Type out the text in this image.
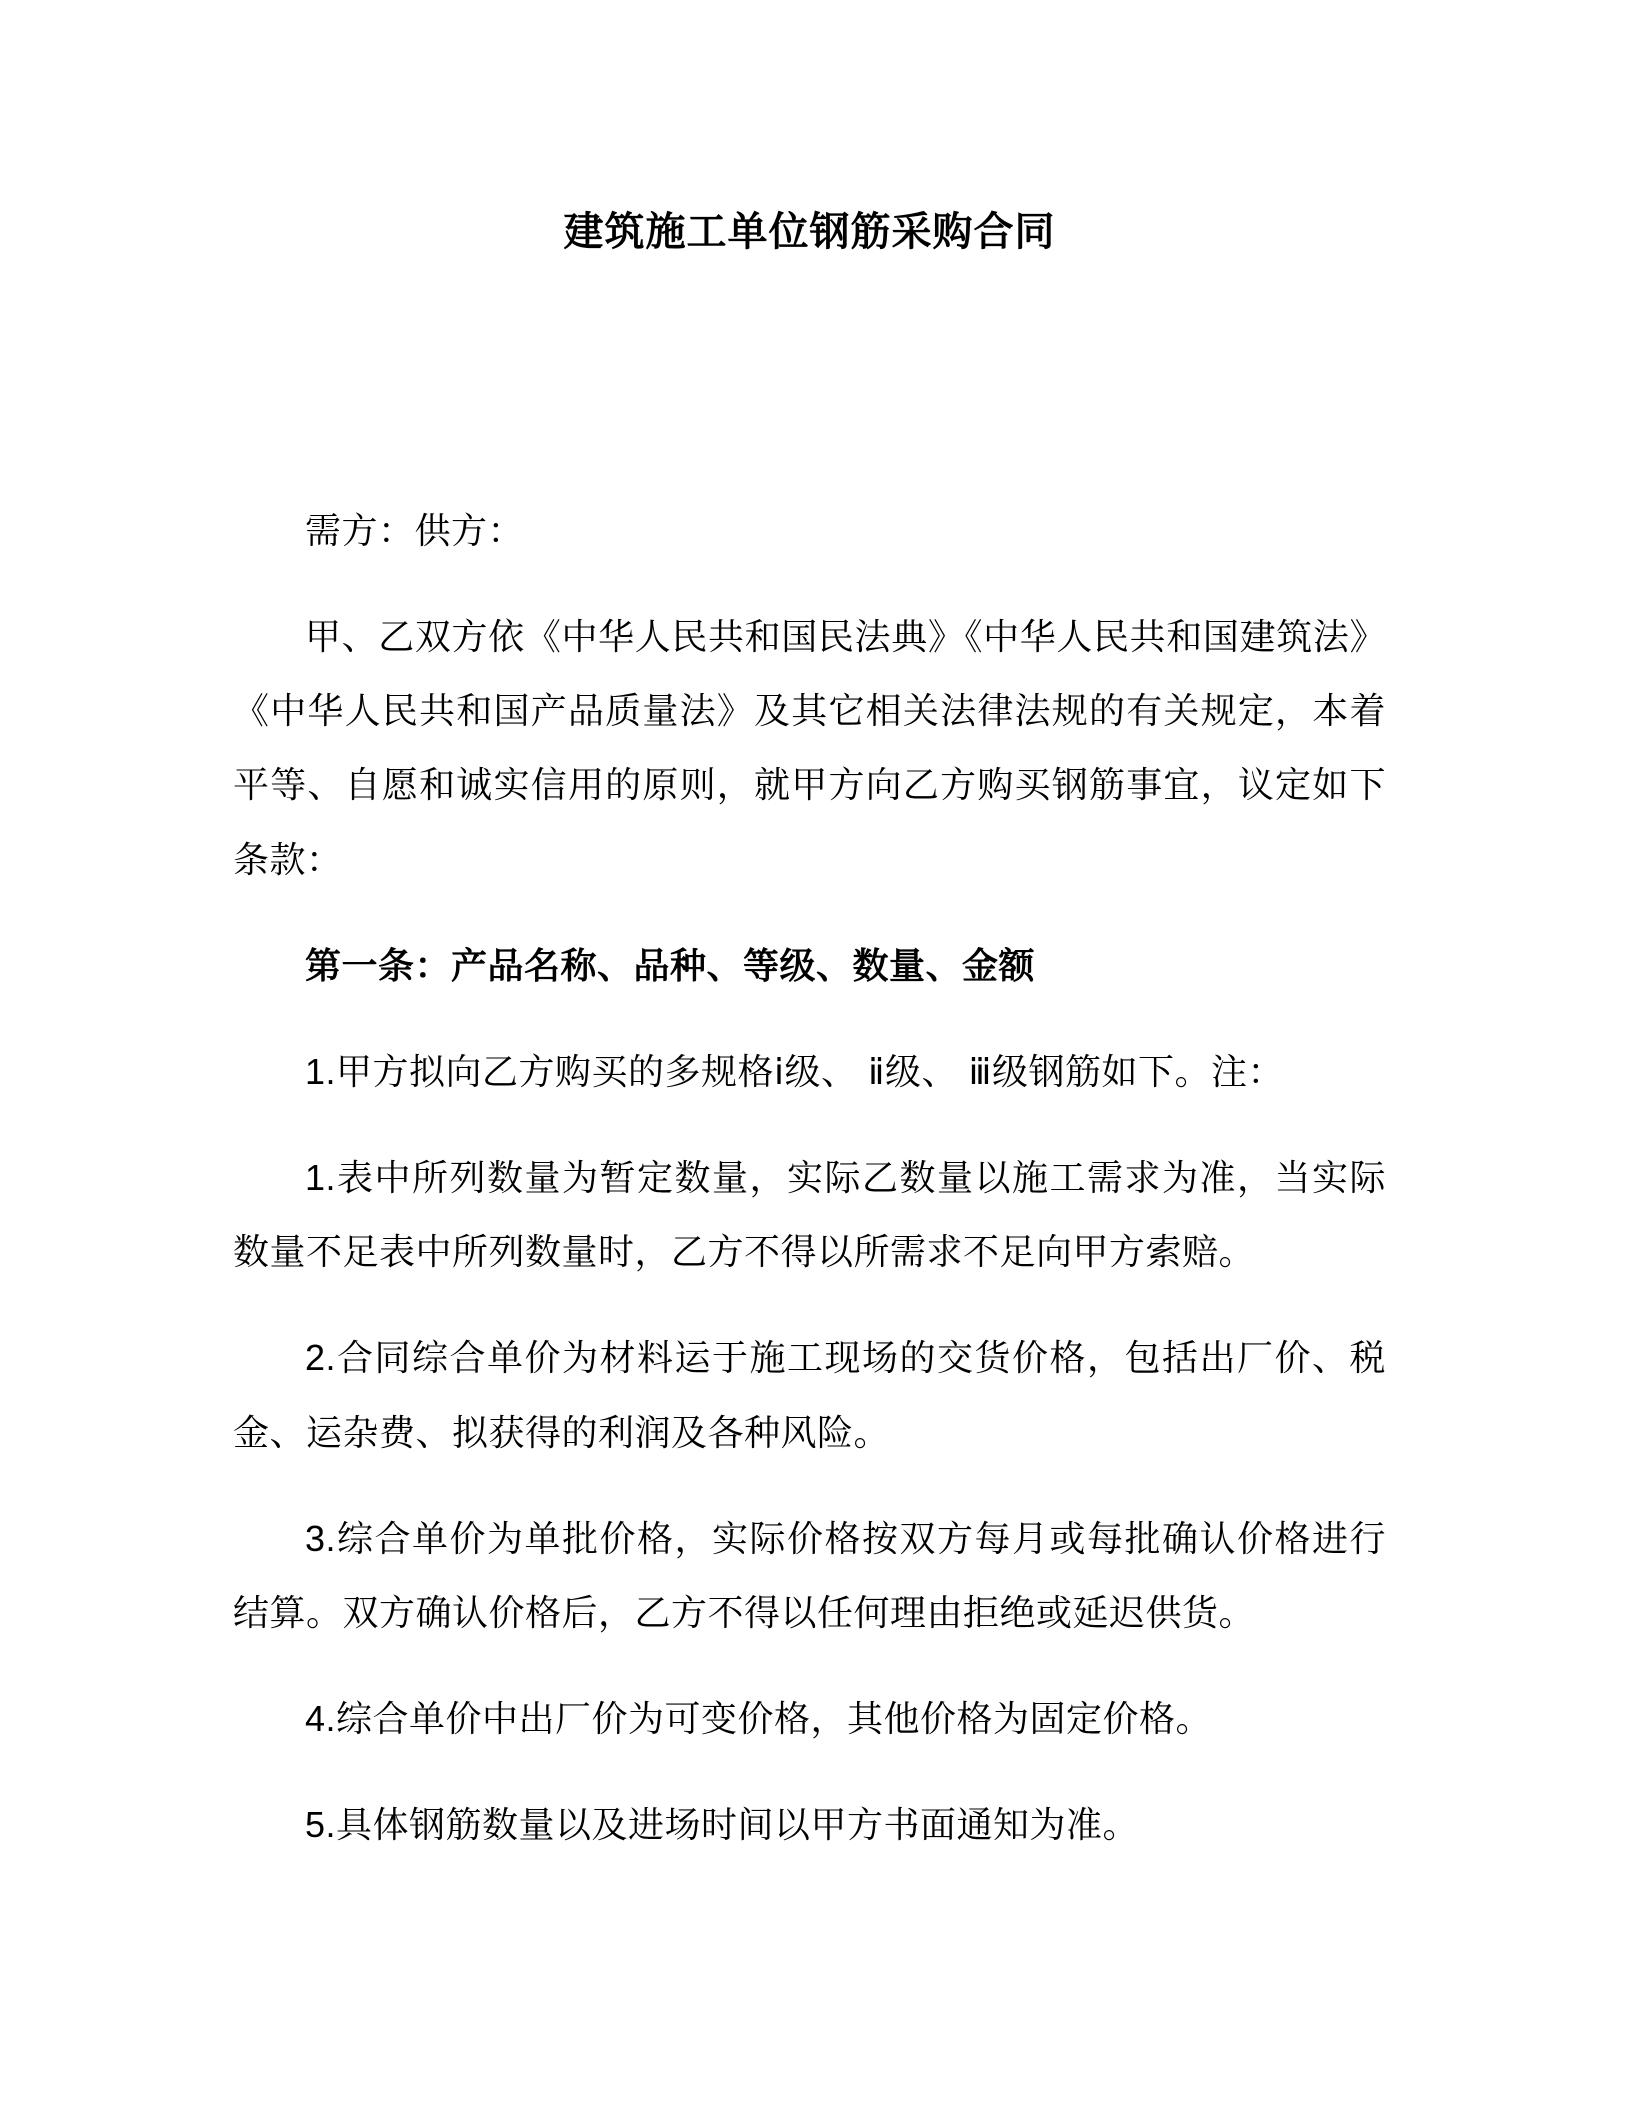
建筑施工单位钢筋采购合同

需方：供方：

甲、乙双方依《中华人民共和国民法典》《中华人民共和国建筑法》《中华人民共和国产品质量法》及其它相关法律法规的有关规定，本着平等、自愿和诚实信用的原则，就甲方向乙方购买钢筋事宜，议定如下条款：

第一条：产品名称、品种、等级、数量、金额

1.甲方拟向乙方购买的多规格ⅰ级、 ⅱ级、 ⅲ级钢筋如下。注：

1.表中所列数量为暂定数量，实际乙数量以施工需求为准，当实际数量不足表中所列数量时，乙方不得以所需求不足向甲方索赔。

2.合同综合单价为材料运于施工现场的交货价格，包括出厂价、税金、运杂费、拟获得的利润及各种风险。

3.综合单价为单批价格，实际价格按双方每月或每批确认价格进行结算。双方确认价格后，乙方不得以任何理由拒绝或延迟供货。

4.综合单价中出厂价为可变价格，其他价格为固定价格。

5.具体钢筋数量以及进场时间以甲方书面通知为准。
